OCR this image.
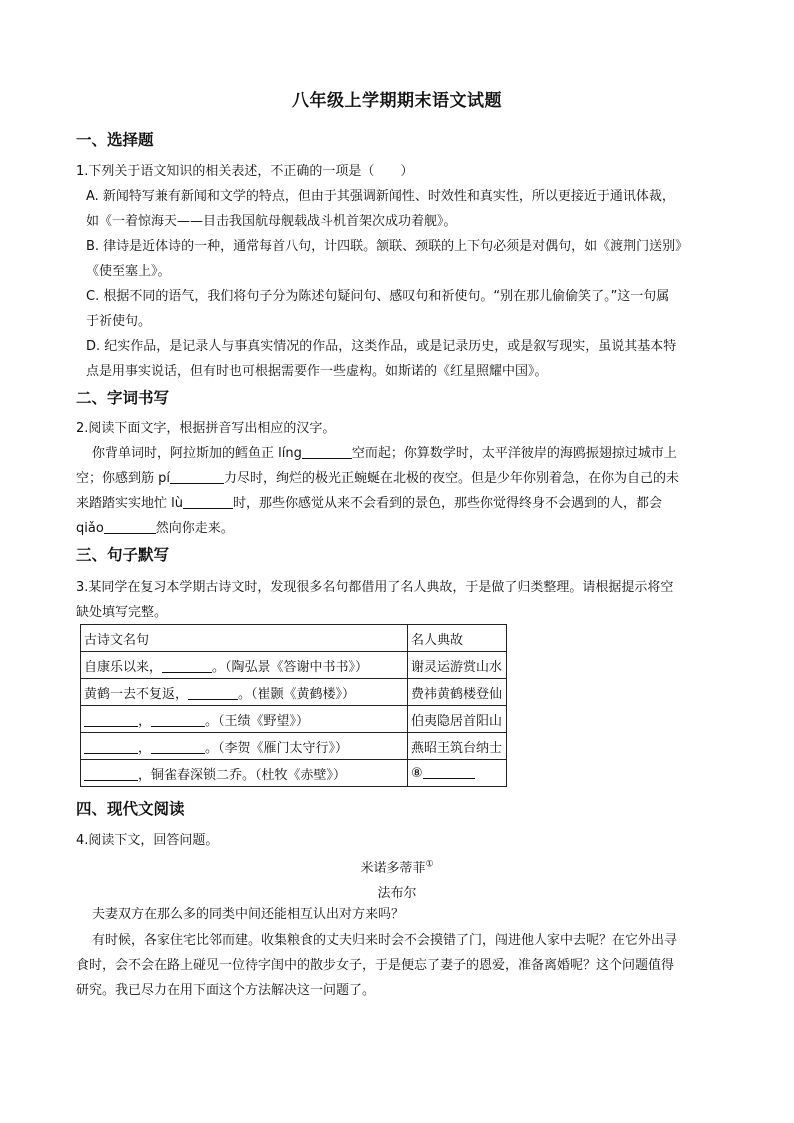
八年级上学期期末语文试题
一、选择题
1.下列关于语文知识的相关表述，不正确的一项是（　　）
A. 新闻特写兼有新闻和文学的特点，但由于其强调新闻性、时效性和真实性，所以更接近于通讯体裁，
如《一着惊海天——目击我国航母舰载战斗机首架次成功着舰》。
B. 律诗是近体诗的一种，通常每首八句，计四联。颔联、颈联的上下句必须是对偶句，如《渡荆门送别》
《使至塞上》。
C. 根据不同的语气，我们将句子分为陈述句疑问句、感叹句和祈使句。“别在那儿偷偷笑了。”这一句属
于祈使句。
D. 纪实作品，是记录人与事真实情况的作品，这类作品，或是记录历史，或是叙写现实，虽说其基本特
点是用事实说话，但有时也可根据需要作一些虚构。如斯诺的《红星照耀中国》。
二、字词书写
2.阅读下面文字，根据拼音写出相应的汉字。
你背单词时，阿拉斯加的鳕鱼正 líng	空而起；你算数学时，太平洋彼岸的海鸥振翅掠过城市上
空；你感到筋 pí	力尽时，绚烂的极光正蜿蜒在北极的夜空。但是少年你别着急，在你为自己的未
来踏踏实实地忙 lù	时，那些你感觉从来不会看到的景色，那些你觉得终身不会遇到的人，都会
qiǎo	然向你走来。
三、句子默写
3.某同学在复习本学期古诗文时，发现很多名句都借用了名人典故，于是做了归类整理。请根据提示将空
缺处填写完整。
古诗文名句	名人典故
自康乐以来， 。（陶弘景《答谢中书书》）	谢灵运游赏山水
黄鹤一去不复返， 。（崔颢《黄鹤楼》）	费祎黄鹤楼登仙
， 。（王绩《野望》）	伯夷隐居首阳山
， 。（李贺《雁门太守行》）	燕昭王筑台纳士
，铜雀春深锁二乔。（杜牧《赤壁》）	⑧
四、现代文阅读
4.阅读下文，回答问题。
米诺多蒂菲①
法布尔
夫妻双方在那么多的同类中间还能相互认出对方来吗？
有时候，各家住宅比邻而建。收集粮食的丈夫归来时会不会摸错了门，闯进他人家中去呢？在它外出寻
食时，会不会在路上碰见一位待字闺中的散步女子，于是便忘了妻子的恩爱，准备离婚呢？这个问题值得
研究。我已尽力在用下面这个方法解决这一问题了。
